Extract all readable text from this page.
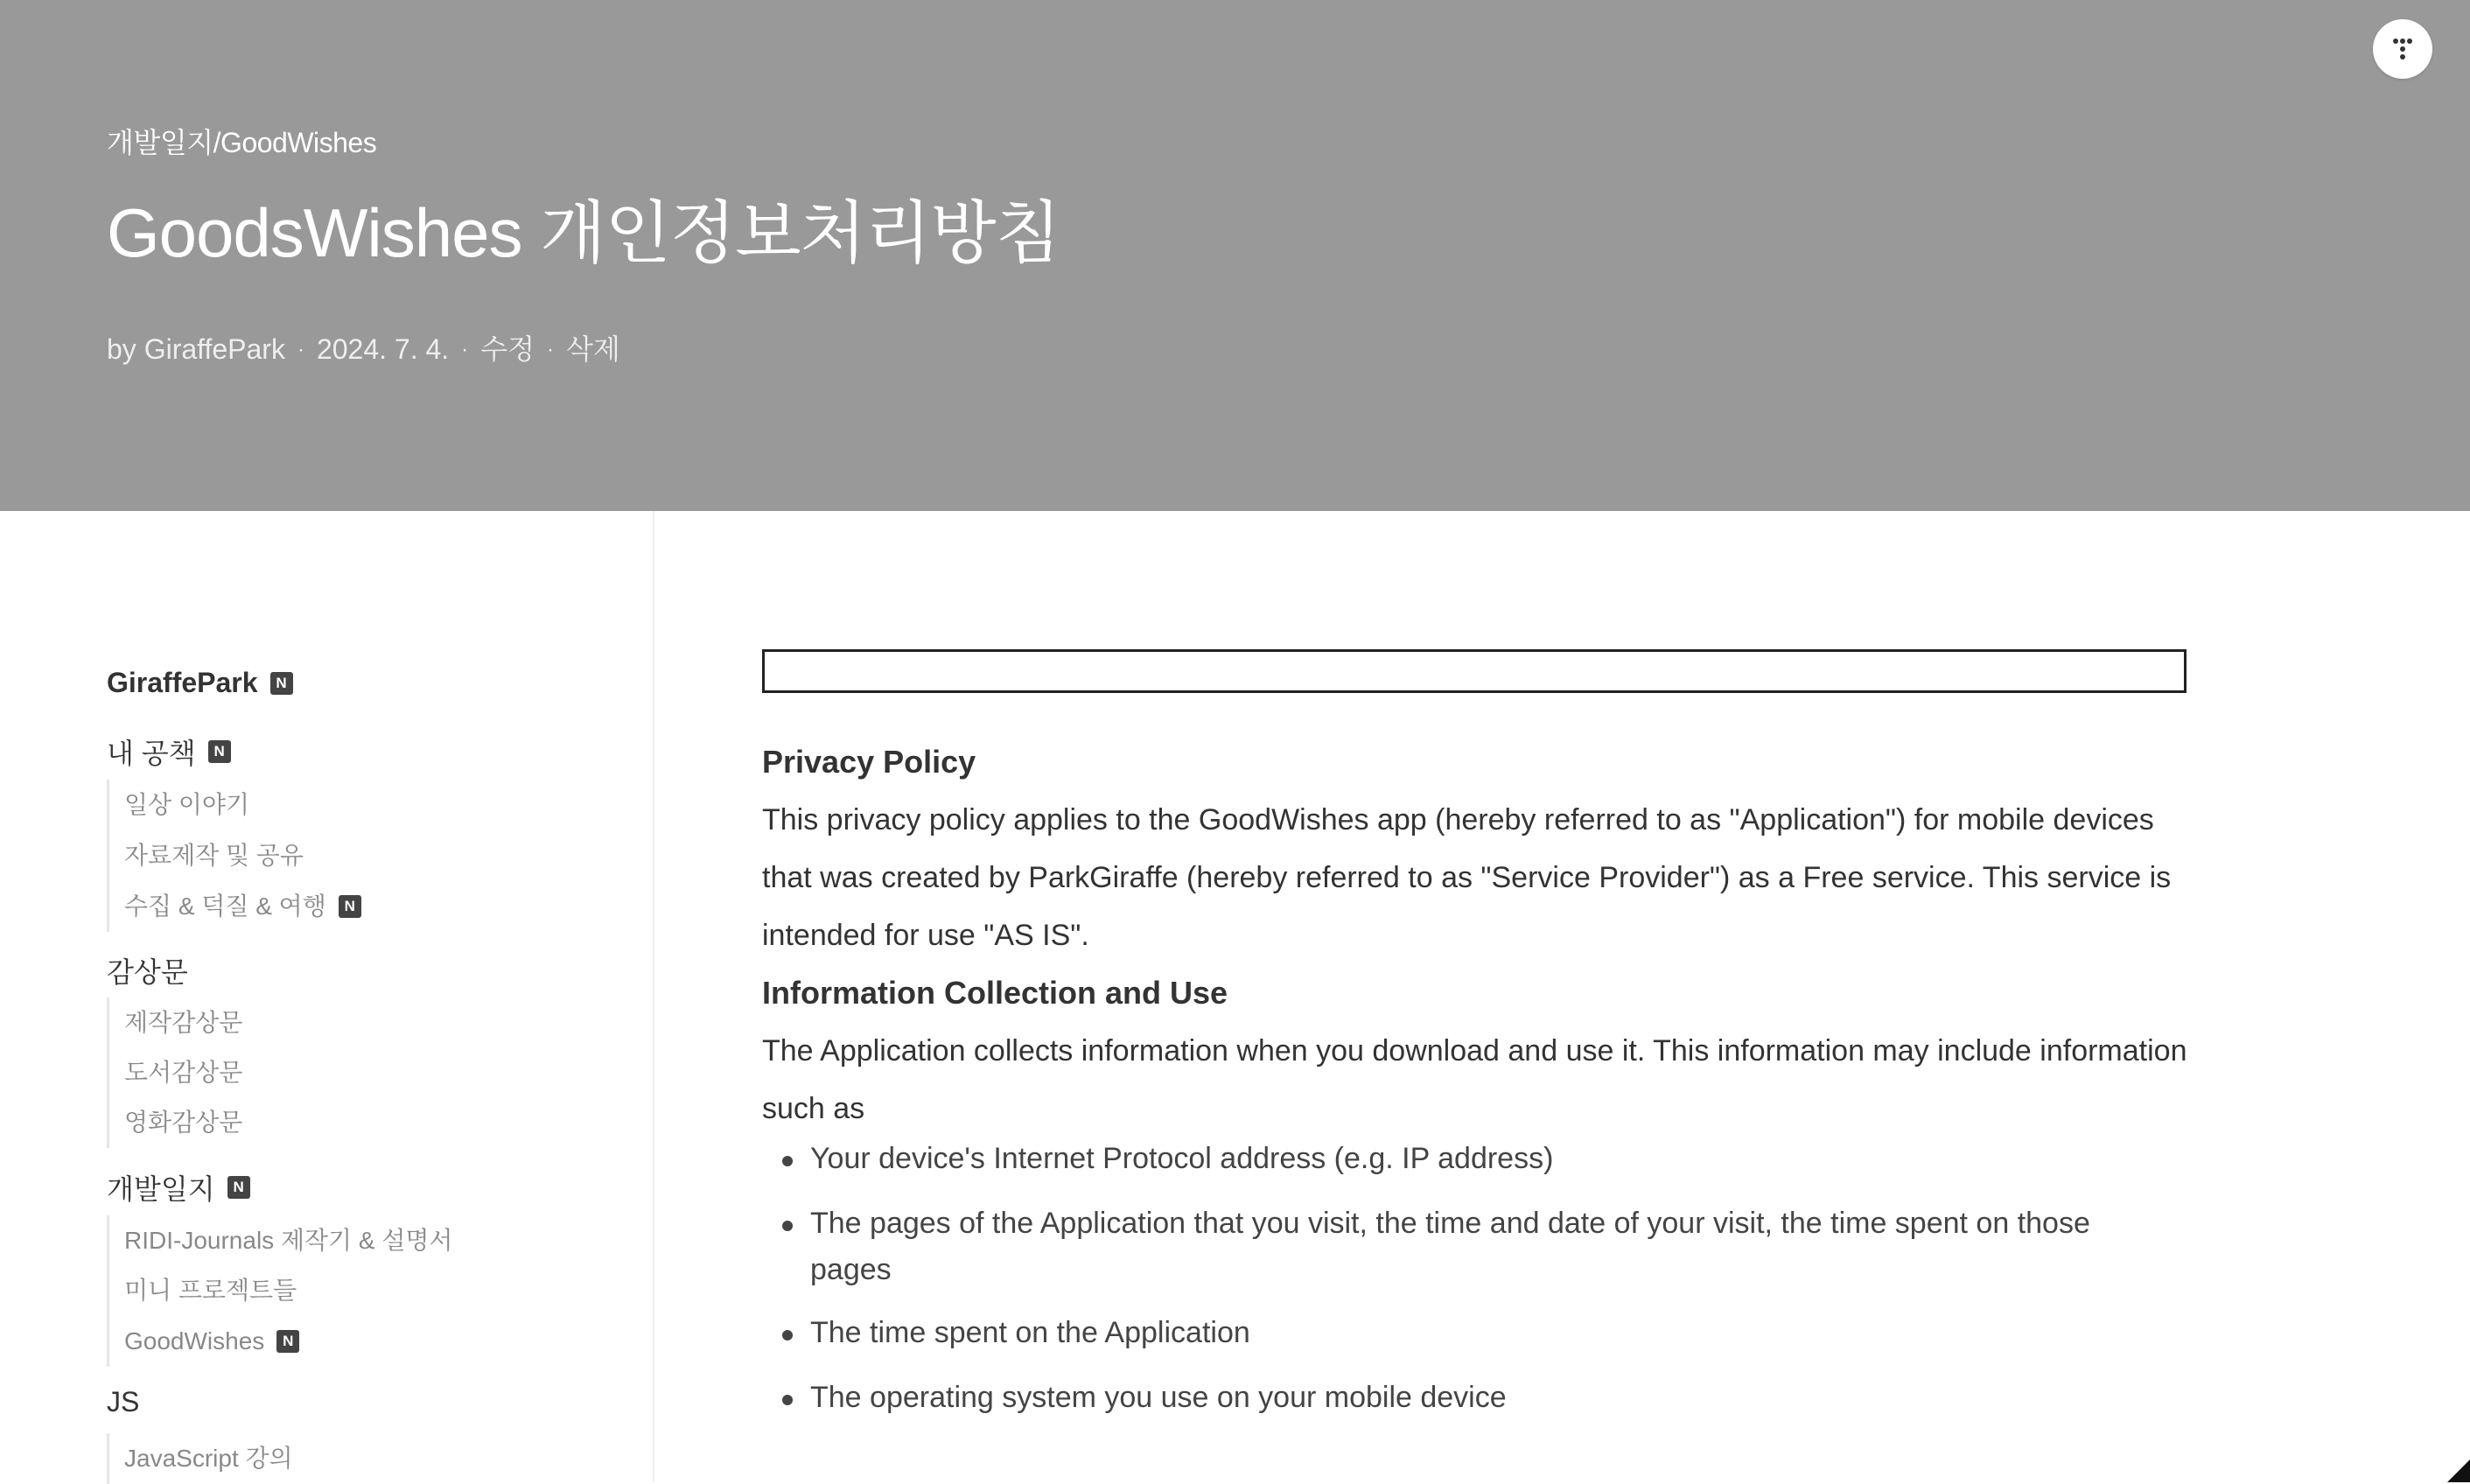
개발일지/GoodWishes
GoodsWishes 개인정보처리방침
by GiraffePark · 2024. 7. 4. · 수정 · 삭제
GiraffePark	N
내 공책	N
일상 이야기
자료제작 및 공유
수집 & 덕질 & 여행	N
감상문
제작감상문
도서감상문
영화감상문
개발일지	N
RIDI-Journals 제작기 & 설명서
미니 프로젝트들
GoodWishes	N
JS
JavaScript 강의
Privacy Policy

This privacy policy applies to the GoodWishes app (hereby referred to as "Application") for mobile devices that was created by ParkGiraffe (hereby referred to as "Service Provider") as a Free service. This service is intended for use "AS IS".

Information Collection and Use

The Application collects information when you download and use it. This information may include information such as

Your device's Internet Protocol address (e.g. IP address)
The pages of the Application that you visit, the time and date of your visit, the time spent on those pages
The time spent on the Application
The operating system you use on your mobile device
